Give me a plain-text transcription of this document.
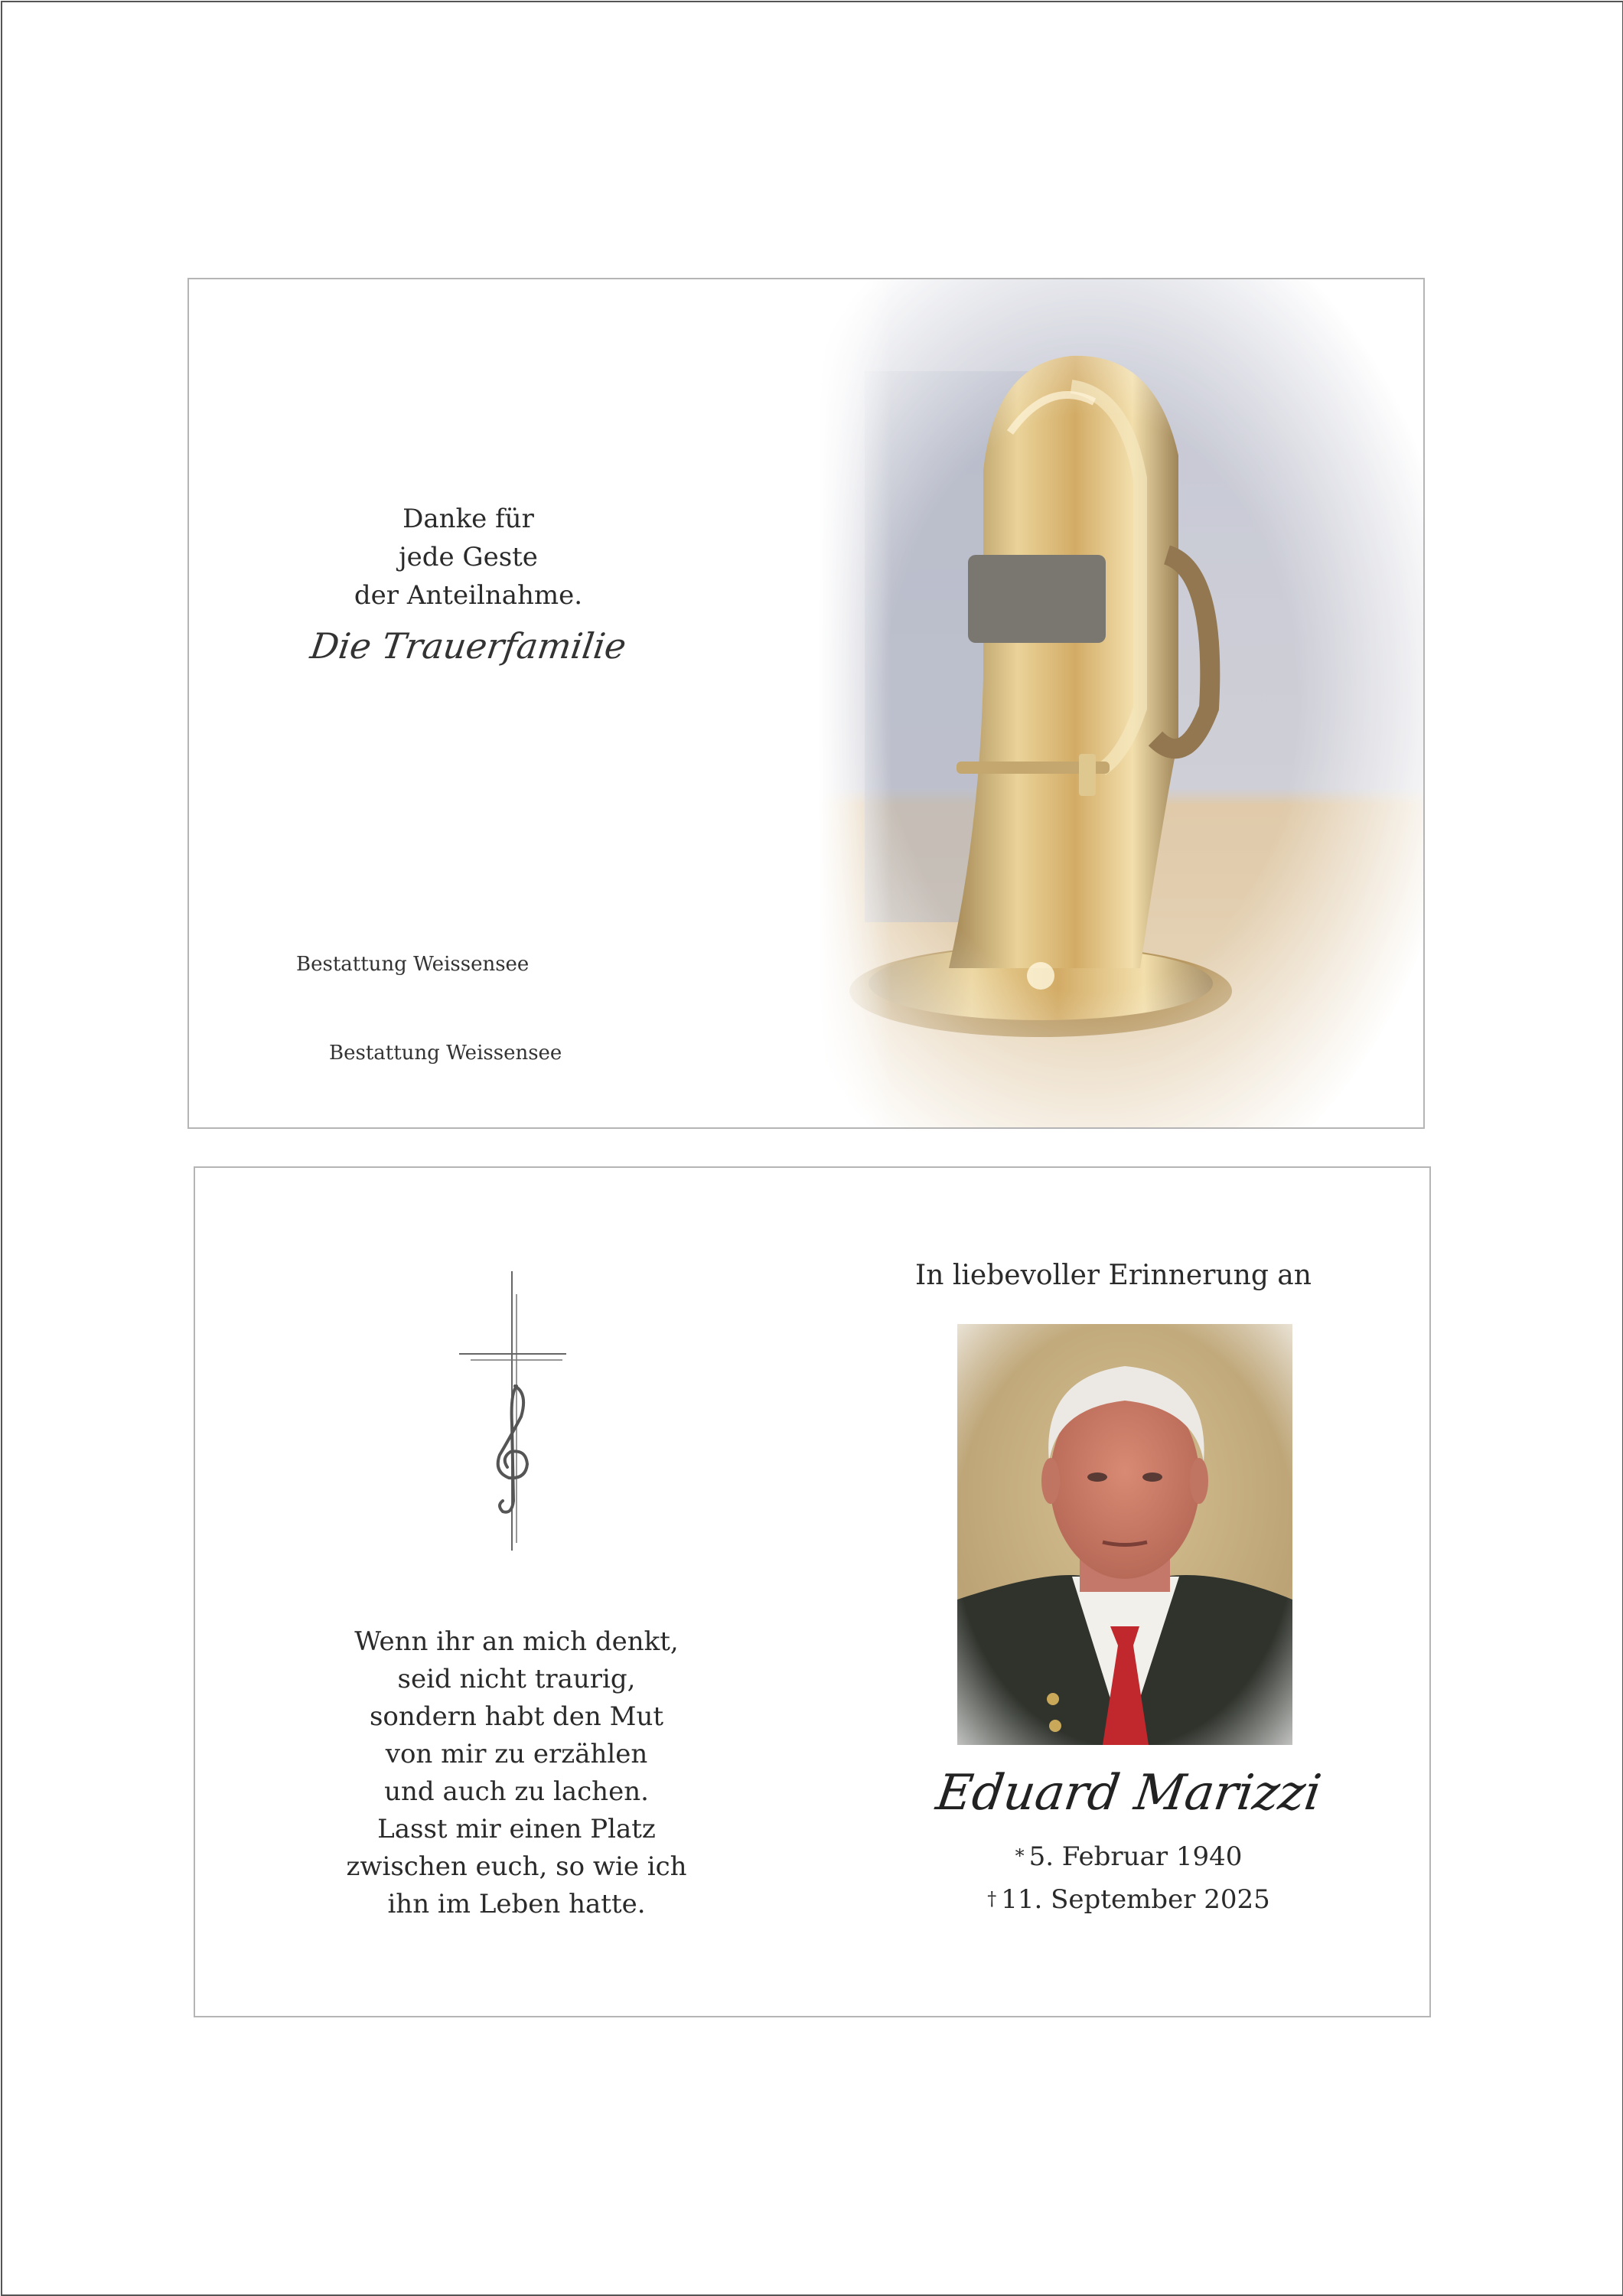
Danke für
jede Geste
der Anteilnahme.
Die Trauerfamilie
Bestattung Weissensee
Bestattung Weissensee
Wenn ihr an mich denkt,
seid nicht traurig,
sondern habt den Mut
von mir zu erzählen
und auch zu lachen.
Lasst mir einen Platz
zwischen euch, so wie ich
ihn im Leben hatte.
In liebevoller Erinnerung an
Eduard Marizzi
* 5. Februar 1940
† 11. September 2025
